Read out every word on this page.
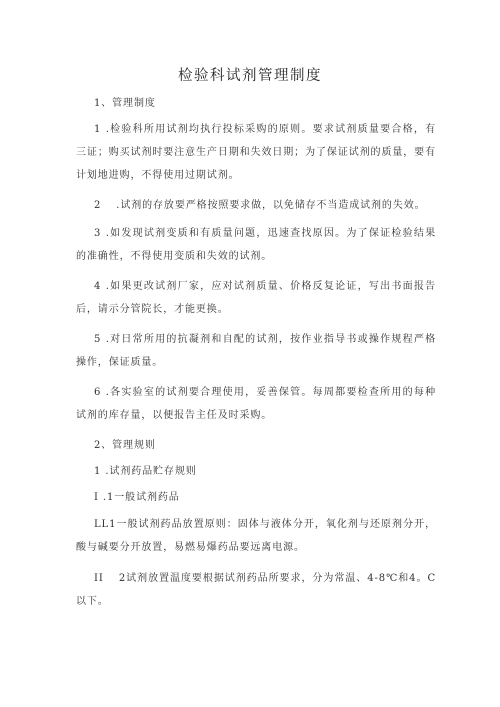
检验科试剂管理制度
1、管理制度
1 .检验科所用试剂均执行投标采购的原则。要求试剂质量要合格，有三证；购买试剂时要注意生产日期和失效日期；为了保证试剂的质量，要有计划地进购，不得使用过期试剂。
2　 .试剂的存放要严格按照要求做，以免储存不当造成试剂的失效。
3 .如发现试剂变质和有质量问题，迅速查找原因。为了保证检验结果的准确性，不得使用变质和失效的试剂。
4 .如果更改试剂厂家，应对试剂质量、价格反复论证，写出书面报告后，请示分管院长，才能更换。
5 .对日常所用的抗凝剂和自配的试剂，按作业指导书或操作规程严格操作，保证质量。
6 .各实验室的试剂要合理使用，妥善保管。每周都要检查所用的每种试剂的库存量，以便报告主任及时采购。
2、管理规则
1 .试剂药品贮存规则
I .1一般试剂药品
LL1一般试剂药品放置原则：固体与液体分开，氧化剂与还原剂分开，酸与碱要分开放置，易燃易爆药品要远离电源。
II　 2试剂放置温度要根据试剂药品所要求，分为常温、4-8℃和4。C以下。
